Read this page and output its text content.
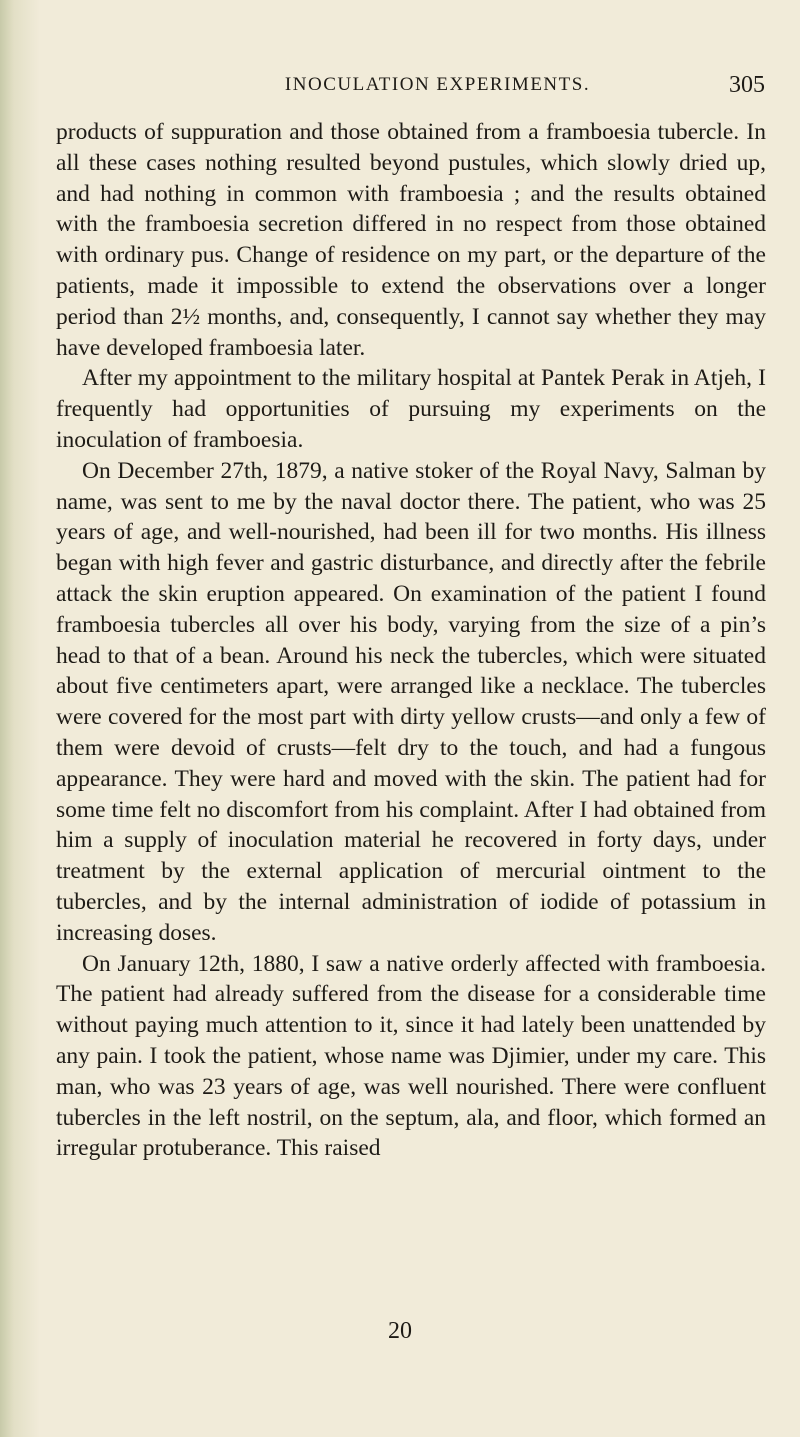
INOCULATION EXPERIMENTS.	305

products of suppuration and those obtained from a framboesia tubercle. In all these cases nothing resulted beyond pustules, which slowly dried up, and had nothing in common with framboesia ; and the results obtained with the framboesia secretion differed in no respect from those obtained with ordinary pus. Change of residence on my part, or the departure of the patients, made it impossible to extend the observations over a longer period than 2½ months, and, consequently, I cannot say whether they may have developed framboesia later.

After my appointment to the military hospital at Pantek Perak in Atjeh, I frequently had opportunities of pursuing my experiments on the inoculation of framboesia.

On December 27th, 1879, a native stoker of the Royal Navy, Salman by name, was sent to me by the naval doctor there. The patient, who was 25 years of age, and well-nourished, had been ill for two months. His illness began with high fever and gastric disturbance, and directly after the febrile attack the skin eruption appeared. On examination of the patient I found framboesia tubercles all over his body, varying from the size of a pin’s head to that of a bean. Around his neck the tubercles, which were situated about five centimeters apart, were arranged like a necklace. The tubercles were covered for the most part with dirty yellow crusts—and only a few of them were devoid of crusts—felt dry to the touch, and had a fungous appearance. They were hard and moved with the skin. The patient had for some time felt no discomfort from his complaint. After I had obtained from him a supply of inoculation material he recovered in forty days, under treatment by the external application of mercurial ointment to the tubercles, and by the internal administration of iodide of potassium in increasing doses.

On January 12th, 1880, I saw a native orderly affected with framboesia. The patient had already suffered from the disease for a considerable time without paying much attention to it, since it had lately been unattended by any pain. I took the patient, whose name was Djimier, under my care. This man, who was 23 years of age, was well nourished. There were confluent tubercles in the left nostril, on the septum, ala, and floor, which formed an irregular protuberance. This raised

20
